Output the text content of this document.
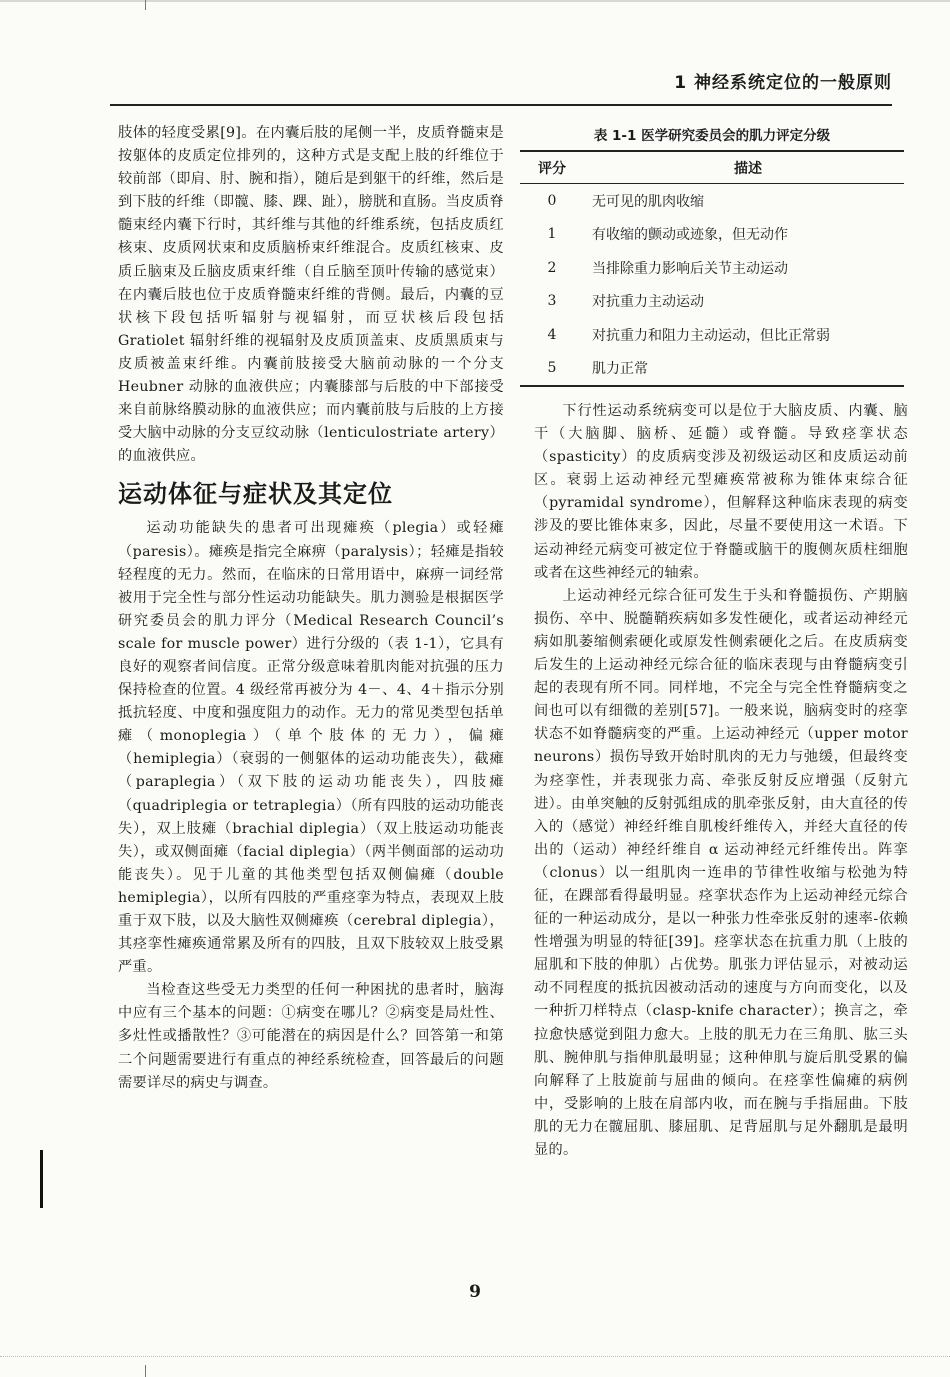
1 神经系统定位的一般原则

肢体的轻度受累[9]。在内囊后肢的尾侧一半，皮质脊髓束是按躯体的皮质定位排列的，这种方式是支配上肢的纤维位于较前部（即肩、肘、腕和指），随后是到躯干的纤维，然后是到下肢的纤维（即髋、膝、踝、趾），膀胱和直肠。当皮质脊髓束经内囊下行时，其纤维与其他的纤维系统，包括皮质红核束、皮质网状束和皮质脑桥束纤维混合。皮质红核束、皮质丘脑束及丘脑皮质束纤维（自丘脑至顶叶传输的感觉束）在内囊后肢也位于皮质脊髓束纤维的背侧。最后，内囊的豆状核下段包括听辐射与视辐射，而豆状核后段包括 Gratiolet 辐射纤维的视辐射及皮质顶盖束、皮质黑质束与皮质被盖束纤维。内囊前肢接受大脑前动脉的一个分支 Heubner 动脉的血液供应；内囊膝部与后肢的中下部接受来自前脉络膜动脉的血液供应；而内囊前肢与后肢的上方接受大脑中动脉的分支豆纹动脉（lenticulostriate artery）的血液供应。

运动体征与症状及其定位

运动功能缺失的患者可出现瘫痪（plegia）或轻瘫（paresis）。瘫痪是指完全麻痹（paralysis）；轻瘫是指较轻程度的无力。然而，在临床的日常用语中，麻痹一词经常被用于完全性与部分性运动功能缺失。肌力测验是根据医学研究委员会的肌力评分（Medical Research Council’s scale for muscle power）进行分级的（表 1-1），它具有良好的观察者间信度。正常分级意味着肌肉能对抗强的压力保持检查的位置。4 级经常再被分为 4－、4、4＋指示分别抵抗轻度、中度和强度阻力的动作。无力的常见类型包括单瘫（monoplegia）（单个肢体的无力），偏瘫（hemiplegia）（衰弱的一侧躯体的运动功能丧失），截瘫（paraplegia）（双下肢的运动功能丧失），四肢瘫（quadriplegia or tetraplegia）（所有四肢的运动功能丧失），双上肢瘫（brachial diplegia）（双上肢运动功能丧失），或双侧面瘫（facial diplegia）（两半侧面部的运动功能丧失）。见于儿童的其他类型包括双侧偏瘫（double hemiplegia），以所有四肢的严重痉挛为特点，表现双上肢重于双下肢，以及大脑性双侧瘫痪（cerebral diplegia），其痉挛性瘫痪通常累及所有的四肢，且双下肢较双上肢受累严重。

当检查这些受无力类型的任何一种困扰的患者时，脑海中应有三个基本的问题：①病变在哪儿？②病变是局灶性、多灶性或播散性？③可能潜在的病因是什么？回答第一和第二个问题需要进行有重点的神经系统检查，回答最后的问题需要详尽的病史与调查。

表 1-1 医学研究委员会的肌力评定分级
评分	描述
0	无可见的肌肉收缩
1	有收缩的颤动或迹象，但无动作
2	当排除重力影响后关节主动运动
3	对抗重力主动运动
4	对抗重力和阻力主动运动，但比正常弱
5	肌力正常

下行性运动系统病变可以是位于大脑皮质、内囊、脑干（大脑脚、脑桥、延髓）或脊髓。导致痉挛状态（spasticity）的皮质病变涉及初级运动区和皮质运动前区。衰弱上运动神经元型瘫痪常被称为锥体束综合征（pyramidal syndrome），但解释这种临床表现的病变涉及的要比锥体束多，因此，尽量不要使用这一术语。下运动神经元病变可被定位于脊髓或脑干的腹侧灰质柱细胞或者在这些神经元的轴索。

上运动神经元综合征可发生于头和脊髓损伤、产期脑损伤、卒中、脱髓鞘疾病如多发性硬化，或者运动神经元病如肌萎缩侧索硬化或原发性侧索硬化之后。在皮质病变后发生的上运动神经元综合征的临床表现与由脊髓病变引起的表现有所不同。同样地，不完全与完全性脊髓病变之间也可以有细微的差别[57]。一般来说，脑病变时的痉挛状态不如脊髓病变的严重。上运动神经元（upper motor neurons）损伤导致开始时肌肉的无力与弛缓，但最终变为痉挛性，并表现张力高、牵张反射反应增强（反射亢进）。由单突触的反射弧组成的肌牵张反射，由大直径的传入的（感觉）神经纤维自肌梭纤维传入，并经大直径的传出的（运动）神经纤维自 α 运动神经元纤维传出。阵挛（clonus）以一组肌肉一连串的节律性收缩与松弛为特征，在踝部看得最明显。痉挛状态作为上运动神经元综合征的一种运动成分，是以一种张力性牵张反射的速率-依赖性增强为明显的特征[39]。痉挛状态在抗重力肌（上肢的屈肌和下肢的伸肌）占优势。肌张力评估显示，对被动运动不同程度的抵抗因被动活动的速度与方向而变化，以及一种折刀样特点（clasp-knife character）；换言之，牵拉愈快感觉到阻力愈大。上肢的肌无力在三角肌、肱三头肌、腕伸肌与指伸肌最明显；这种伸肌与旋后肌受累的偏向解释了上肢旋前与屈曲的倾向。在痉挛性偏瘫的病例中，受影响的上肢在肩部内收，而在腕与手指屈曲。下肢肌的无力在髋屈肌、膝屈肌、足背屈肌与足外翻肌是最明显的。

9
